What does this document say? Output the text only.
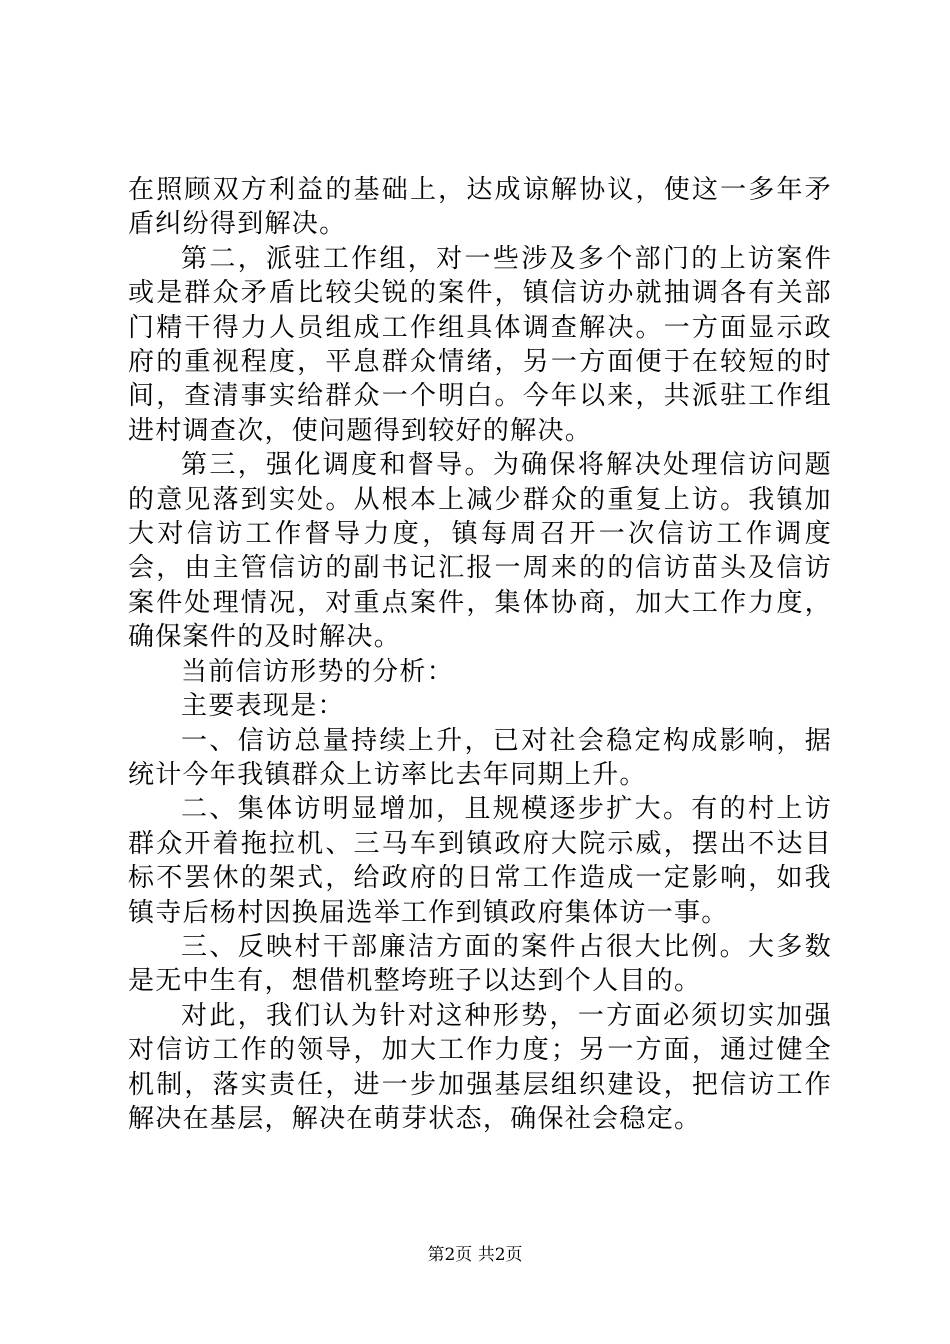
在照顾双方利益的基础上，达成谅解协议，使这一多年矛盾纠纷得到解决。

第二，派驻工作组，对一些涉及多个部门的上访案件或是群众矛盾比较尖锐的案件，镇信访办就抽调各有关部门精干得力人员组成工作组具体调查解决。一方面显示政府的重视程度，平息群众情绪，另一方面便于在较短的时间，查清事实给群众一个明白。今年以来，共派驻工作组进村调查次，使问题得到较好的解决。

第三，强化调度和督导。为确保将解决处理信访问题的意见落到实处。从根本上减少群众的重复上访。我镇加大对信访工作督导力度，镇每周召开一次信访工作调度会，由主管信访的副书记汇报一周来的的信访苗头及信访案件处理情况，对重点案件，集体协商，加大工作力度，确保案件的及时解决。

当前信访形势的分析：

主要表现是：

一、信访总量持续上升，已对社会稳定构成影响，据统计今年我镇群众上访率比去年同期上升。

二、集体访明显增加，且规模逐步扩大。有的村上访群众开着拖拉机、三马车到镇政府大院示威，摆出不达目标不罢休的架式，给政府的日常工作造成一定影响，如我镇寺后杨村因换届选举工作到镇政府集体访一事。

三、反映村干部廉洁方面的案件占很大比例。大多数是无中生有，想借机整垮班子以达到个人目的。

对此，我们认为针对这种形势，一方面必须切实加强对信访工作的领导，加大工作力度；另一方面，通过健全机制，落实责任，进一步加强基层组织建设，把信访工作解决在基层，解决在萌芽状态，确保社会稳定。

第2页 共2页
